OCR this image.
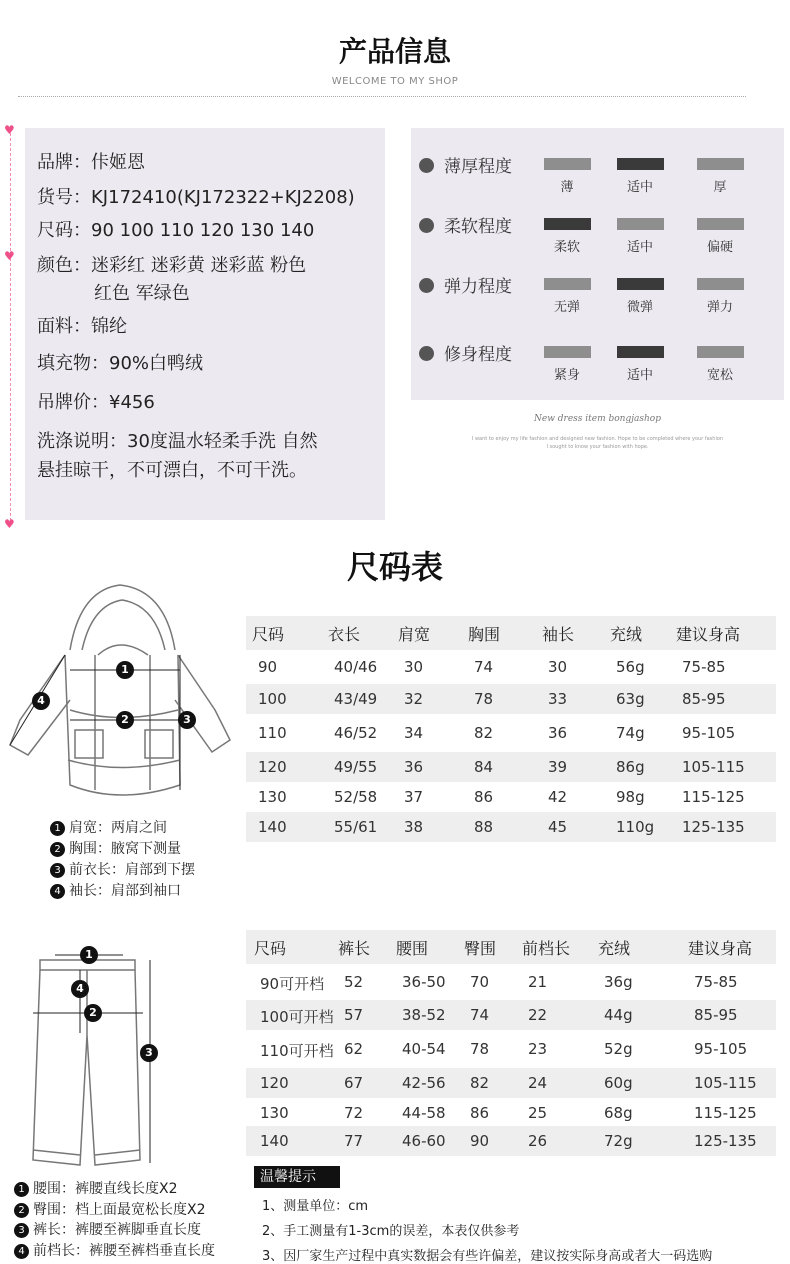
产品信息
WELCOME TO MY SHOP
♥
♥
♥
品牌：佧姬恩
货号：KJ172410(KJ172322+KJ2208)
尺码：90 100 110 120 130 140
颜色：迷彩红 迷彩黄 迷彩蓝 粉色
红色 军绿色
面料：锦纶
填充物：90%白鸭绒
吊牌价：¥456
洗涤说明：30度温水轻柔手洗 自然
悬挂晾干，不可漂白，不可干洗。
薄厚程度
薄	适中	厚
柔软程度
柔软	适中	偏硬
弹力程度
无弹	微弹	弹力
修身程度
紧身	适中	宽松
New dress item bongjashop
I want to enjoy my life fashion and designed new fashion. Hope to be completed where your fashion
I sought to know your fashion with hope.
尺码表
1
2	3
4
1 肩宽：两肩之间
2 胸围：腋窝下测量
3 前衣长：肩部到下摆
4 袖长：肩部到袖口
尺码	衣长 肩宽 胸围	袖长 充绒 建议身高
90	40/46 30	74	30	56g 75-85
100	43/49 32	78	33	63g 85-95
110	46/52 34	82	36	74g 95-105
120	49/55 36	84	39	86g 105-115
130	52/58 37	86	42	98g 115-125
140	55/61 38	88	45	110g 125-135
1
2
3
4
1 腰围：裤腰直线长度X2
2 臀围：档上面最宽松长度X2
3 裤长：裤腰至裤脚垂直长度
4 前档长：裤腰至裤档垂直长度
尺码	裤长 腰围 臀围 前档长 充绒	建议身高
90可开档 52	36-50 70	21	36g	75-85
100可开档 57	38-52 74	22	44g	85-95
110可开档 62	40-54 78	23	52g	95-105
120	67	42-56 82	24	60g	105-115
130	72	44-58 86	25	68g	115-125
140	77	46-60 90	26	72g	125-135
温馨提示
1、测量单位：cm
2、手工测量有1-3cm的误差，本表仅供参考
3、因厂家生产过程中真实数据会有些许偏差，建议按实际身高或者大一码选购
